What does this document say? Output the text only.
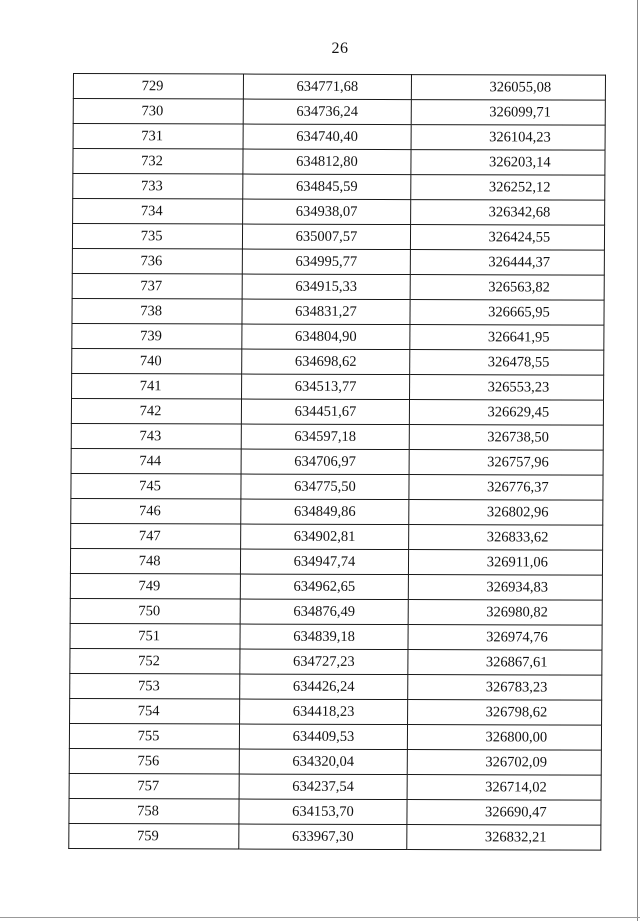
26
729	634771,68	326055,08
730	634736,24	326099,71
731	634740,40	326104,23
732	634812,80	326203,14
733	634845,59	326252,12
734	634938,07	326342,68
735	635007,57	326424,55
736	634995,77	326444,37
737	634915,33	326563,82
738	634831,27	326665,95
739	634804,90	326641,95
740	634698,62	326478,55
741	634513,77	326553,23
742	634451,67	326629,45
743	634597,18	326738,50
744	634706,97	326757,96
745	634775,50	326776,37
746	634849,86	326802,96
747	634902,81	326833,62
748	634947,74	326911,06
749	634962,65	326934,83
750	634876,49	326980,82
751	634839,18	326974,76
752	634727,23	326867,61
753	634426,24	326783,23
754	634418,23	326798,62
755	634409,53	326800,00
756	634320,04	326702,09
757	634237,54	326714,02
758	634153,70	326690,47
759	633967,30	326832,21
